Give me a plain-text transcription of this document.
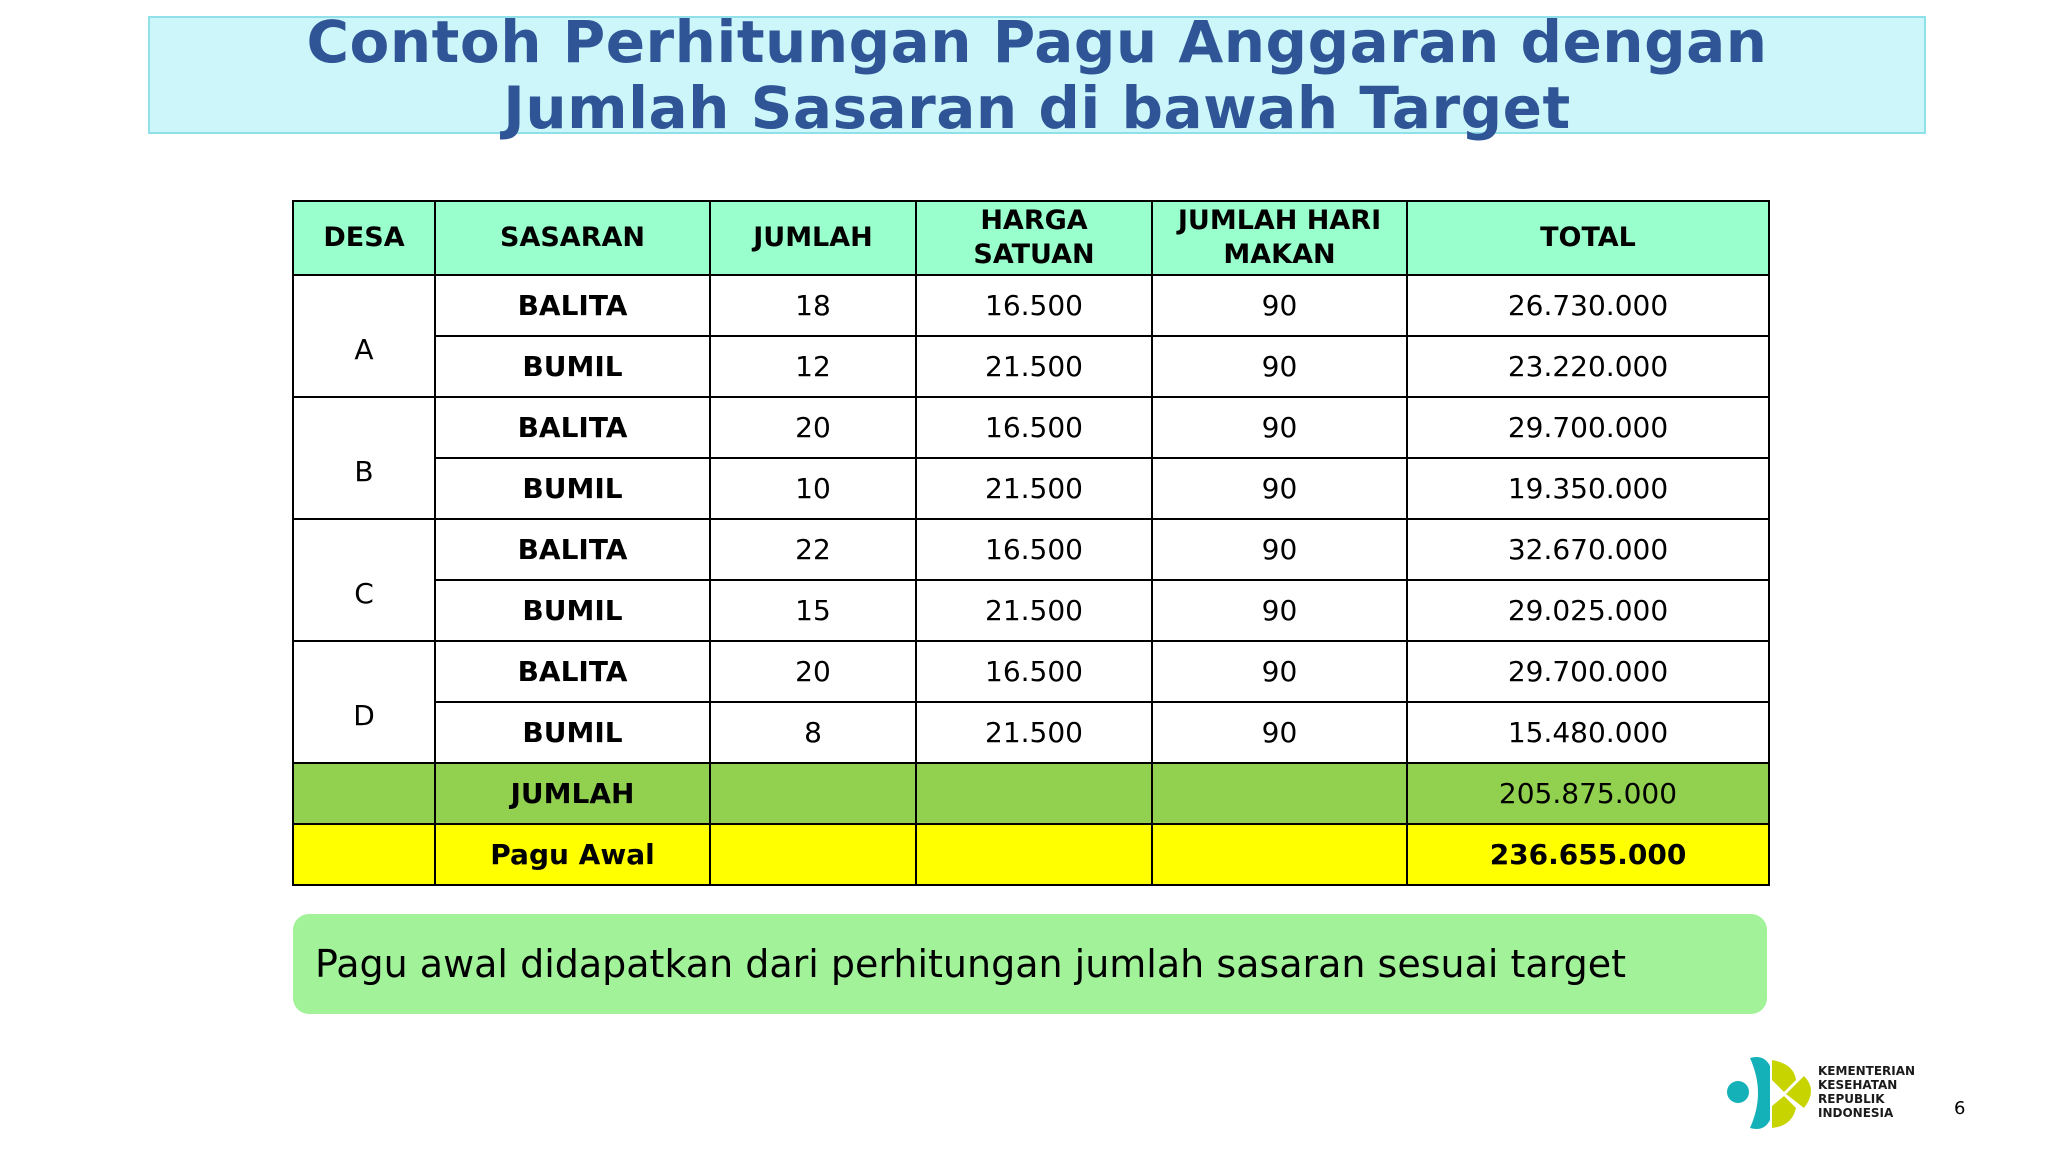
Contoh Perhitungan Pagu Anggaran dengan
Jumlah Sasaran di bawah Target
DESA	SASARAN	JUMLAH	HARGA SATUAN	JUMLAH HARI MAKAN	TOTAL
A	BALITA	18	16.500	90	26.730.000
	BUMIL	12	21.500	90	23.220.000
B	BALITA	20	16.500	90	29.700.000
	BUMIL	10	21.500	90	19.350.000
C	BALITA	22	16.500	90	32.670.000
	BUMIL	15	21.500	90	29.025.000
D	BALITA	20	16.500	90	29.700.000
	BUMIL	8	21.500	90	15.480.000
	JUMLAH				205.875.000
	Pagu Awal				236.655.000
Pagu awal didapatkan dari perhitungan jumlah sasaran sesuai target
KEMENTERIAN
KESEHATAN
REPUBLIK
INDONESIA	6
